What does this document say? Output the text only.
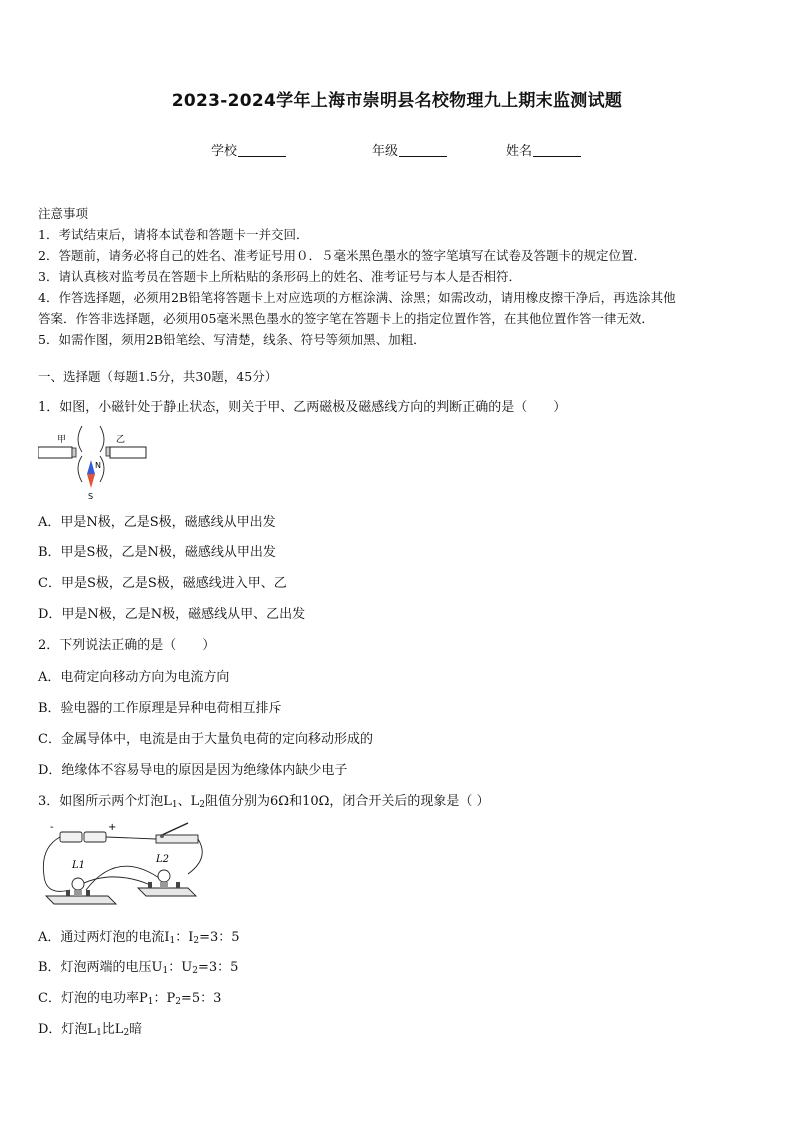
2023-2024学年上海市崇明县名校物理九上期末监测试题
学校	年级	姓名

注意事项

1．考试结束后，请将本试卷和答题卡一并交回．

2．答题前，请务必将自己的姓名、准考证号用０．５毫米黑色墨水的签字笔填写在试卷及答题卡的规定位置．

3．请认真核对监考员在答题卡上所粘贴的条形码上的姓名、准考证号与本人是否相符．

4．作答选择题，必须用2B铅笔将答题卡上对应选项的方框涂满、涂黑；如需改动，请用橡皮擦干净后，再选涂其他

答案．作答非选择题，必须用05毫米黑色墨水的签字笔在答题卡上的指定位置作答，在其他位置作答一律无效．

5．如需作图，须用2B铅笔绘、写清楚，线条、符号等须加黑、加粗．

一、选择题（每题1.5分，共30题，45分）
1．如图，小磁针处于静止状态，则关于甲、乙两磁极及磁感线方向的判断正确的是（　　）
甲	乙
N
S
A．甲是N极，乙是S极，磁感线从甲出发
B．甲是S极，乙是N极，磁感线从甲出发
C．甲是S极，乙是S极，磁感线进入甲、乙
D．甲是N极，乙是N极，磁感线从甲、乙出发
2．下列说法正确的是（　　）
A．电荷定向移动方向为电流方向
B．验电器的工作原理是异种电荷相互排斥
C．金属导体中，电流是由于大量负电荷的定向移动形成的
D．绝缘体不容易导电的原因是因为绝缘体内缺少电子
3．如图所示两个灯泡$L_1$、$L_2$阻值分别为6Ω和10Ω，闭合开关后的现象是（ ）
-	+
L1
L2
A．通过两灯泡的电流$I_1$：$I_2=3$：5
B．灯泡两端的电压$U_1$：$U_2=3$：5
C．灯泡的电功率$P_1$：$P_2=5$：3
D．灯泡$L_1$比$L_2$暗
